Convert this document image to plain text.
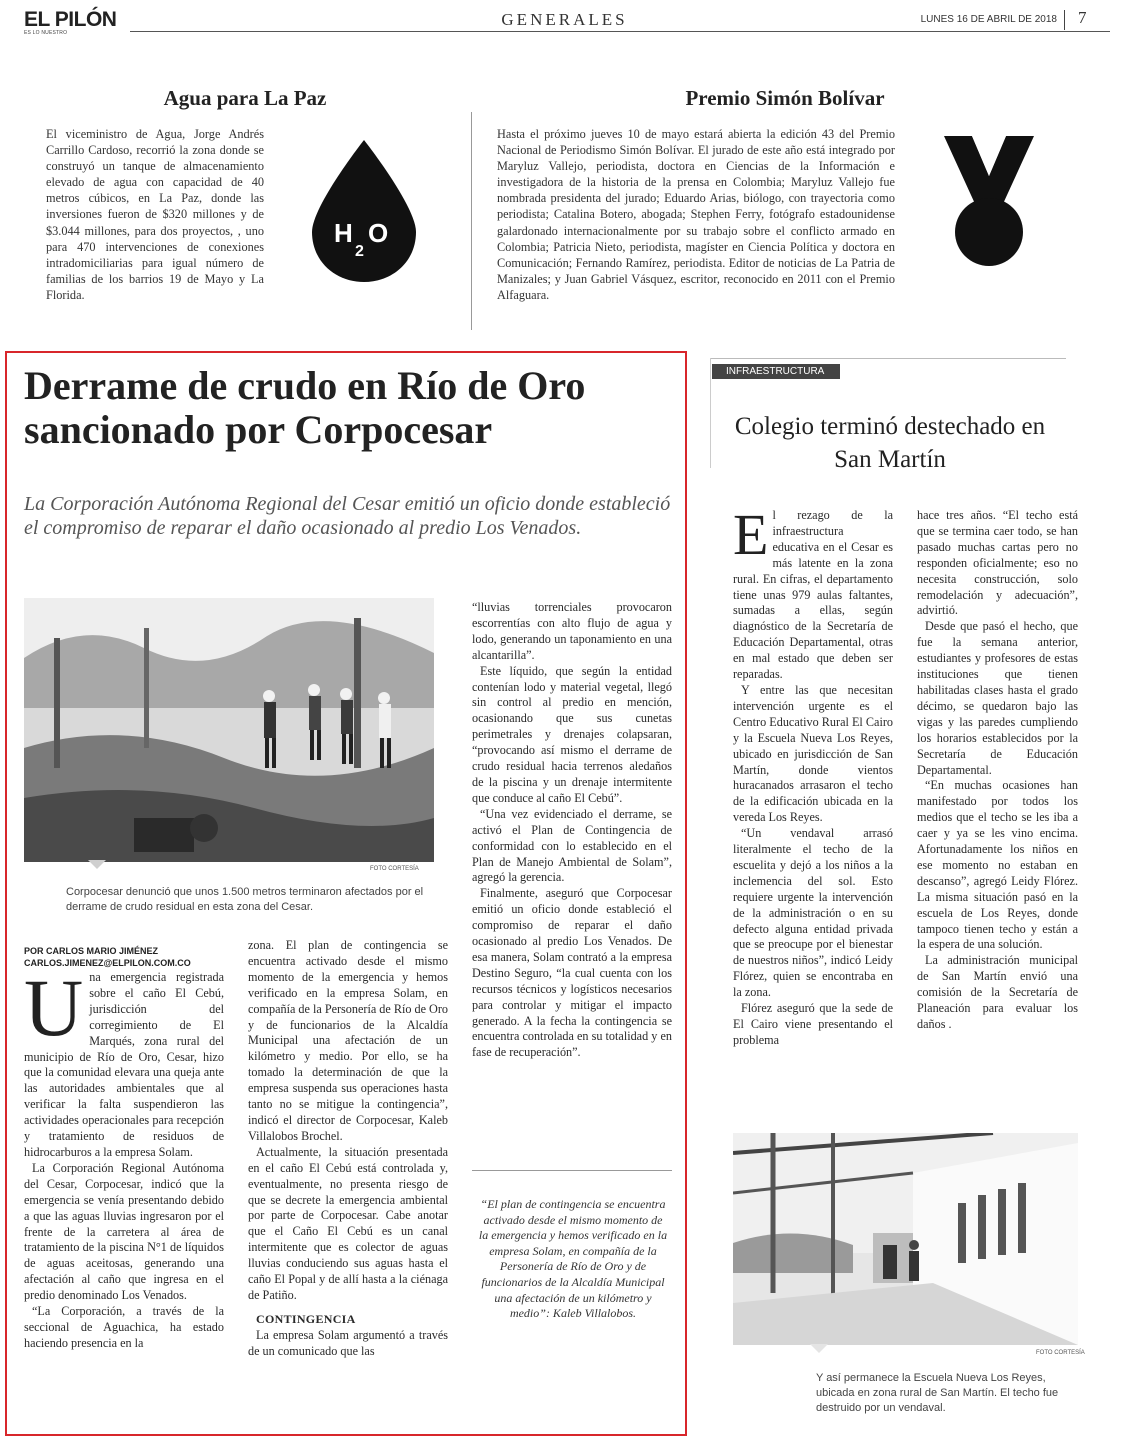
EL PILÓN
ES LO NUESTRO
GENERALES	LUNES 16 DE ABRIL DE 2018 7
Agua para La Paz
El viceministro de Agua, Jorge Andrés Carrillo Cardoso, recorrió la zona donde se construyó un tanque de almacenamiento elevado de agua con capacidad de 40 metros cúbicos, en La Paz, donde las inversiones fueron de $320 millones y de $3.044 millones, para dos proyectos, , uno para 470 intervenciones de conexiones intradomiciliarias para igual número de familias de los barrios 19 de Mayo y La Florida.
H
2
O
Premio Simón Bolívar
Hasta el próximo jueves 10 de mayo estará abierta la edición 43 del Premio Nacional de Periodismo Simón Bolívar. El jurado de este año está integrado por Maryluz Vallejo, periodista, doctora en Ciencias de la Información e investigadora de la historia de la prensa en Colombia; Maryluz Vallejo fue nombrada presidenta del jurado; Eduardo Arias, biólogo, con trayectoria como periodista; Catalina Botero, abogada; Stephen Ferry, fotógrafo estadounidense galardonado internacionalmente por su trabajo sobre el conflicto armado en Colombia; Patricia Nieto, periodista, magíster en Ciencia Política y doctora en Comunicación; Fernando Ramírez, periodista. Editor de noticias de La Patria de Manizales; y Juan Gabriel Vásquez, escritor, reconocido en 2011 con el Premio Alfaguara.
Derrame de crudo en Río de Oro sancionado por Corpocesar
La Corporación Autónoma Regional del Cesar emitió un oficio donde estableció el compromiso de reparar el daño ocasionado al predio Los Venados.
FOTO CORTESÍA
Corpocesar denunció que unos 1.500 metros terminaron afectados por el derrame de crudo residual en esta zona del Cesar.
POR CARLOS MARIO JIMÉNEZ
CARLOS.JIMENEZ@ELPILON.COM.CO
U na emergencia registrada sobre el caño El Cebú, jurisdicción del corregimiento de El Marqués, zona rural del municipio de Río de Oro, Cesar, hizo que la comunidad elevara una queja ante las autoridades ambientales que al verificar la falta suspendieron las actividades operacionales para recepción y tratamiento de residuos de hidrocarburos a la empresa Solam.

La Corporación Regional Autónoma del Cesar, Corpocesar, indicó que la emergencia se venía presentando debido a que las aguas lluvias ingresaron por el frente de la carretera al área de tratamiento de la piscina N°1 de líquidos de aguas aceitosas, generando una afectación al caño que ingresa en el predio denominado Los Venados.

“La Corporación, a través de la seccional de Aguachica, ha estado haciendo presencia en la

zona. El plan de contingencia se encuentra activado desde el mismo momento de la emergencia y hemos verificado en la empresa Solam, en compañía de la Personería de Río de Oro y de funcionarios de la Alcaldía Municipal una afectación de un kilómetro y medio. Por ello, se ha tomado la determinación de que la empresa suspenda sus operaciones hasta tanto no se mitigue la contingencia”, indicó el director de Corpocesar, Kaleb Villalobos Brochel.

Actualmente, la situación presentada en el caño El Cebú está controlada y, eventualmente, no presenta riesgo de que se decrete la emergencia ambiental por parte de Corpocesar. Cabe anotar que el Caño El Cebú es un canal intermitente que es colector de aguas lluvias conduciendo sus aguas hasta el caño El Popal y de allí hasta a la ciénaga de Patiño.

CONTINGENCIA

La empresa Solam argumentó a través de un comunicado que las

“lluvias torrenciales provocaron escorrentías con alto flujo de agua y lodo, generando un taponamiento en una alcantarilla”.

Este líquido, que según la entidad contenían lodo y material vegetal, llegó sin control al predio en mención, ocasionando que sus cunetas perimetrales y drenajes colapsaran, “provocando así mismo el derrame de crudo residual hacia terrenos aledaños de la piscina y un drenaje intermitente que conduce al caño El Cebú”.

“Una vez evidenciado el derrame, se activó el Plan de Contingencia de conformidad con lo establecido en el Plan de Manejo Ambiental de Solam”, agregó la gerencia.

Finalmente, aseguró que Corpocesar emitió un oficio donde estableció el compromiso de reparar el daño ocasionado al predio Los Venados. De esa manera, Solam contrató a la empresa Destino Seguro, “la cual cuenta con los recursos técnicos y logísticos necesarios para controlar y mitigar el impacto generado. A la fecha la contingencia se encuentra controlada en su totalidad y en fase de recuperación”.

“El plan de contingencia se encuentra activado desde el mismo momento de la emergencia y hemos verificado en la empresa Solam, en compañía de la Personería de Río de Oro y de funcionarios de la Alcaldía Municipal una afectación de un kilómetro y medio”: Kaleb Villalobos.
INFRAESTRUCTURA
Colegio terminó destechado en San Martín
E l rezago de la infraestructura educativa en el Cesar es más latente en la zona rural. En cifras, el departamento tiene unas 979 aulas faltantes, sumadas a ellas, según diagnóstico de la Secretaría de Educación Departamental, otras en mal estado que deben ser reparadas.

Y entre las que necesitan intervención urgente es el Centro Educativo Rural El Cairo y la Escuela Nueva Los Reyes, ubicado en jurisdicción de San Martín, donde vientos huracanados arrasaron el techo de la edificación ubicada en la vereda Los Reyes.

“Un vendaval arrasó literalmente el techo de la escuelita y dejó a los niños a la inclemencia del sol. Esto requiere urgente la intervención de la administración o en su defecto alguna entidad privada que se preocupe por el bienestar de nuestros niños”, indicó Leidy Flórez, quien se encontraba en la zona.

Flórez aseguró que la sede de El Cairo viene presentando el problema

hace tres años. “El techo está que se termina caer todo, se han pasado muchas cartas pero no responden oficialmente; eso no necesita construcción, solo remodelación y adecuación”, advirtió.

Desde que pasó el hecho, que fue la semana anterior, estudiantes y profesores de estas instituciones que tienen habilitadas clases hasta el grado décimo, se quedaron bajo las vigas y las paredes cumpliendo los horarios establecidos por la Secretaría de Educación Departamental.

“En muchas ocasiones han manifestado por todos los medios que el techo se les iba a caer y ya se les vino encima. Afortunadamente los niños en ese momento no estaban en descanso”, agregó Leidy Flórez. La misma situación pasó en la escuela de Los Reyes, donde tampoco tienen techo y están a la espera de una solución.

La administración municipal de San Martín envió una comisión de la Secretaría de Planeación para evaluar los daños .

FOTO CORTESÍA
Y así permanece la Escuela Nueva Los Reyes, ubicada en zona rural de San Martín. El techo fue destruido por un vendaval.
